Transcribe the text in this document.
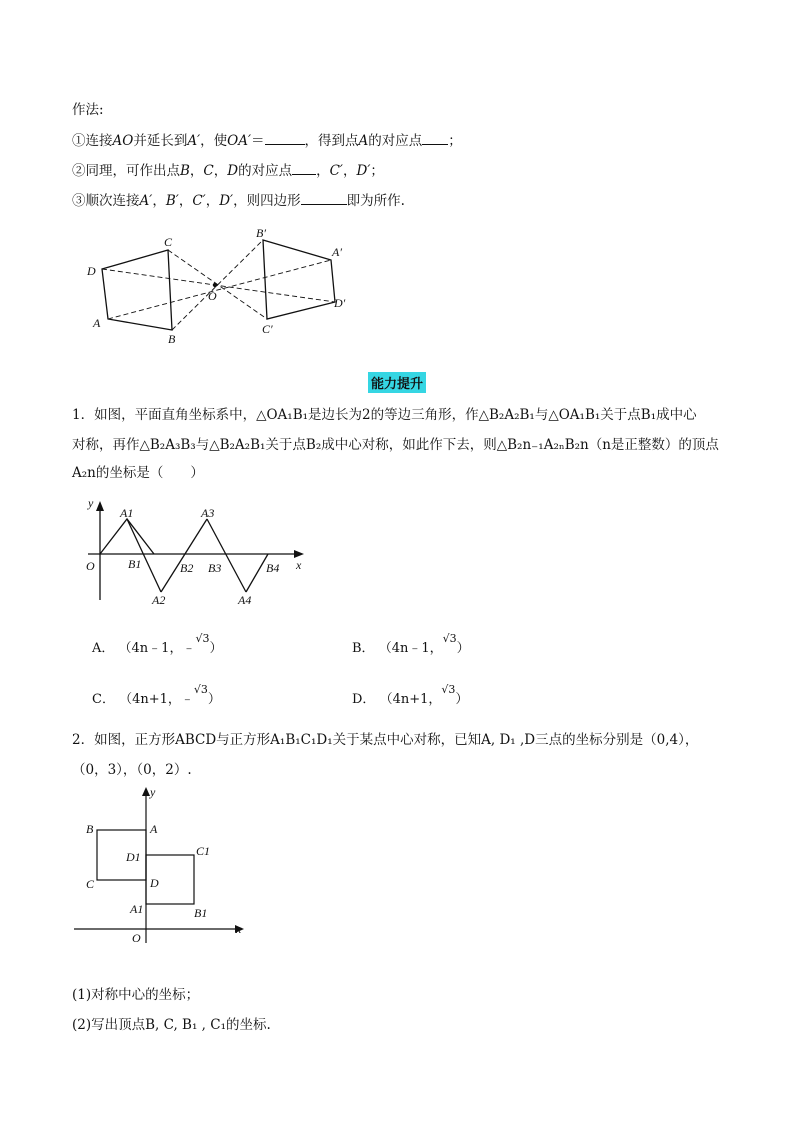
作法:
①连接AO并延长到A′，使OA′＝	，得到点A的对应点 ；
②同理，可作出点B，C，D的对应点 ，C′，D′；
③顺次连接A′，B′，C′，D′，则四边形	即为所作.
C
D
A
B
O
B′
A′
D′
C′
能力提升
1．如图，平面直角坐标系中，△OA₁B₁是边长为2的等边三角形，作△B₂A₂B₁与△OA₁B₁关于点B₁成中心
对称，再作△B₂A₃B₃与△B₂A₂B₁关于点B₂成中心对称，如此作下去，则△B₂n₋₁A₂ₙB₂n（n是正整数）的顶点
A₂n的坐标是（　　）
y
x
O
A1	A3
A2	A4
B1	B2 B3	B4
A． （4n﹣1，﹣√3）	B． （4n﹣1，√3）
C． （4n+1，﹣√3）	D． （4n+1，√3）
2．如图，正方形ABCD与正方形A₁B₁C₁D₁关于某点中心对称，已知A, D₁ ,D三点的坐标分别是（0,4），
（0，3），（0，2）.
y
x
O
A
B
C	D
D1	C1
A1	B1
(1)对称中心的坐标；
(2)写出顶点B, C, B₁ , C₁的坐标.
